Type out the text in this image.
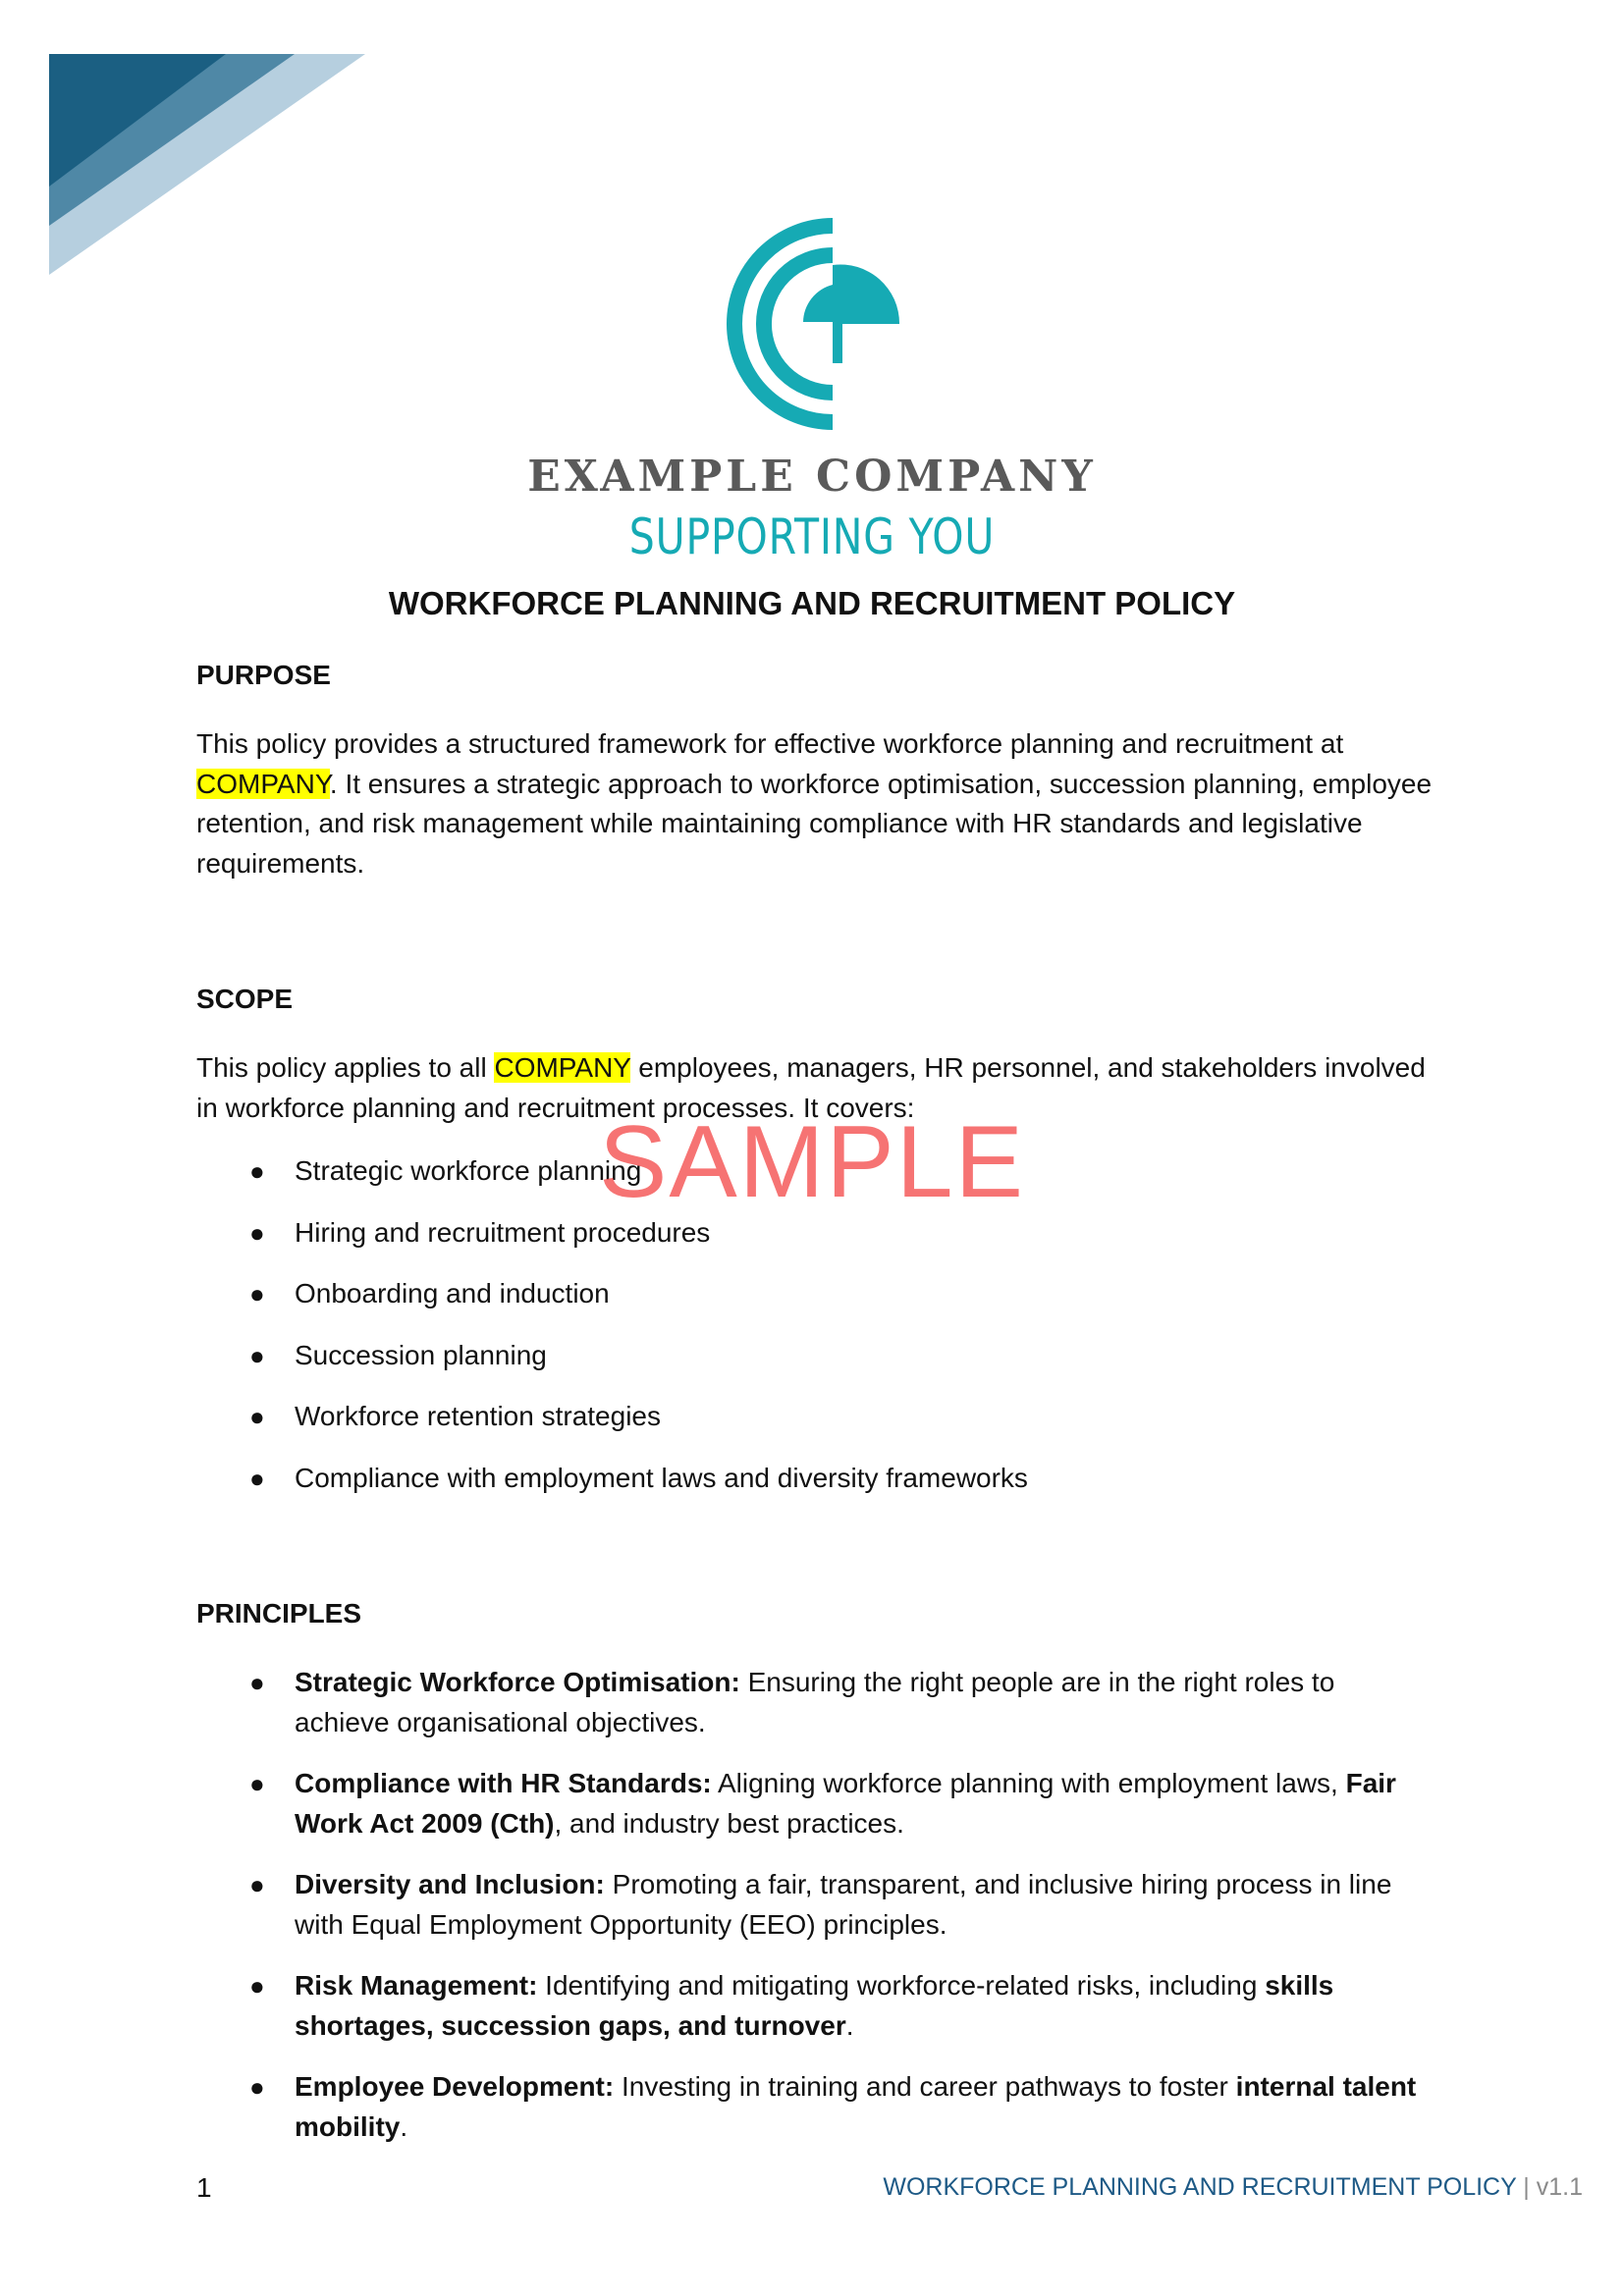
EXAMPLE COMPANY
SUPPORTING YOU
WORKFORCE PLANNING AND RECRUITMENT POLICY
PURPOSE

This policy provides a structured framework for effective workforce planning and recruitment at COMPANY. It ensures a strategic approach to workforce optimisation, succession planning, employee retention, and risk management while maintaining compliance with HR standards and legislative requirements.

SCOPE

This policy applies to all COMPANY employees, managers, HR personnel, and stakeholders involved in workforce planning and recruitment processes. It covers:

● Strategic workforce planning
● Hiring and recruitment procedures
● Onboarding and induction
● Succession planning
● Workforce retention strategies
● Compliance with employment laws and diversity frameworks
PRINCIPLES
● Strategic Workforce Optimisation: Ensuring the right people are in the right roles to achieve organisational objectives.
● Compliance with HR Standards: Aligning workforce planning with employment laws, Fair Work Act 2009 (Cth), and industry best practices.
● Diversity and Inclusion: Promoting a fair, transparent, and inclusive hiring process in line with Equal Employment Opportunity (EEO) principles.
● Risk Management: Identifying and mitigating workforce-related risks, including skills shortages, succession gaps, and turnover.
● Employee Development: Investing in training and career pathways to foster internal talent mobility.
SAMPLE
1	WORKFORCE PLANNING AND RECRUITMENT POLICY | v1.1
